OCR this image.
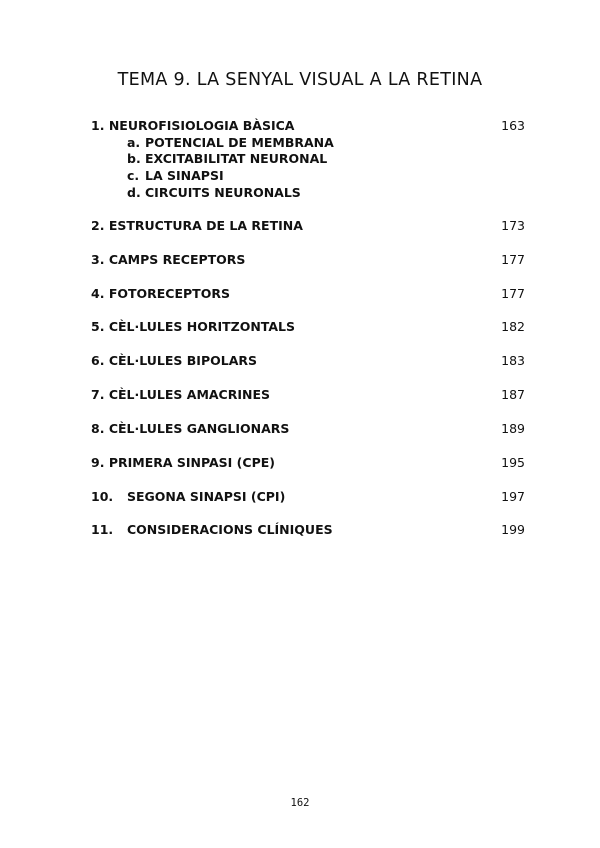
TEMA 9. LA SENYAL VISUAL A LA RETINA
1. NEUROFISIOLOGIA BÀSICA	163
a. POTENCIAL DE MEMBRANA
b. EXCITABILITAT NEURONAL
c. LA SINAPSI
d. CIRCUITS NEURONALS
2. ESTRUCTURA DE LA RETINA	173
3. CAMPS RECEPTORS	177
4. FOTORECEPTORS	177
5. CÈL·LULES HORITZONTALS	182
6. CÈL·LULES BIPOLARS	183
7. CÈL·LULES AMACRINES	187
8. CÈL·LULES GANGLIONARS	189
9. PRIMERA SINPASI (CPE)	195
10. SEGONA SINAPSI (CPI)	197
11. CONSIDERACIONS CLÍNIQUES	199
162
